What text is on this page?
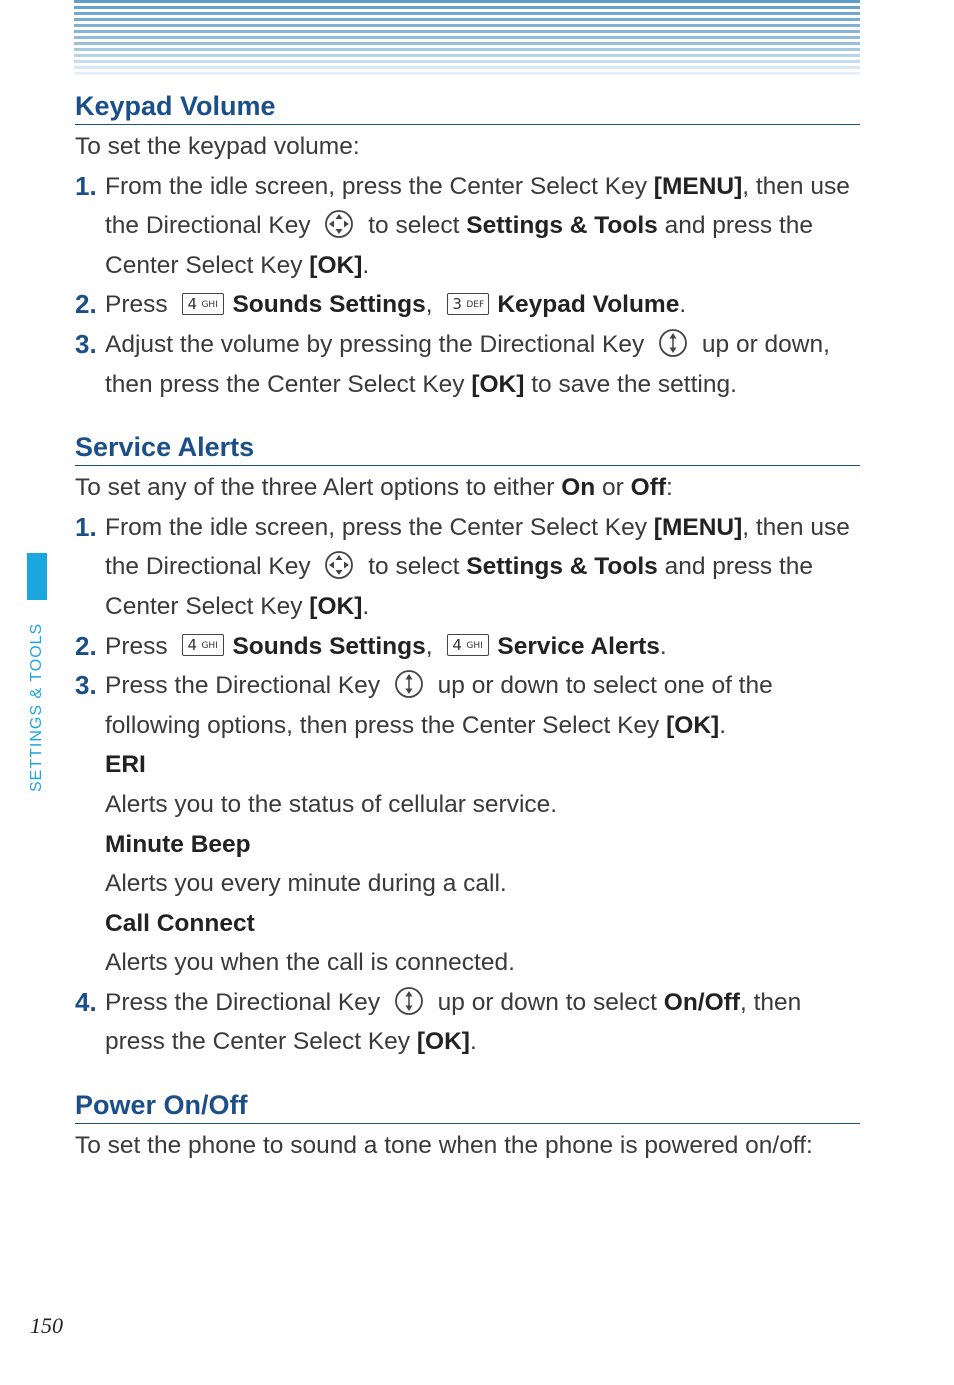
SETTINGS & TOOLS
Keypad Volume
To set the keypad volume:
1. From the idle screen, press the Center Select Key [MENU], then use the Directional Key  to select Settings & Tools and press the Center Select Key [OK].
2. Press 4 GHI Sounds Settings, 3 DEF Keypad Volume.
3. Adjust the volume by pressing the Directional Key  up or down, then press the Center Select Key [OK] to save the setting.
Service Alerts
To set any of the three Alert options to either On or Off:
1. From the idle screen, press the Center Select Key [MENU], then use the Directional Key  to select Settings & Tools and press the Center Select Key [OK].
2. Press 4 GHI Sounds Settings, 4 GHI Service Alerts.
3. Press the Directional Key  up or down to select one of the following options, then press the Center Select Key [OK].
ERI
Alerts you to the status of cellular service.
Minute Beep
Alerts you every minute during a call.
Call Connect
Alerts you when the call is connected.
4. Press the Directional Key  up or down to select On/Off, then press the Center Select Key [OK].
Power On/Off
To set the phone to sound a tone when the phone is powered on/off:
150
